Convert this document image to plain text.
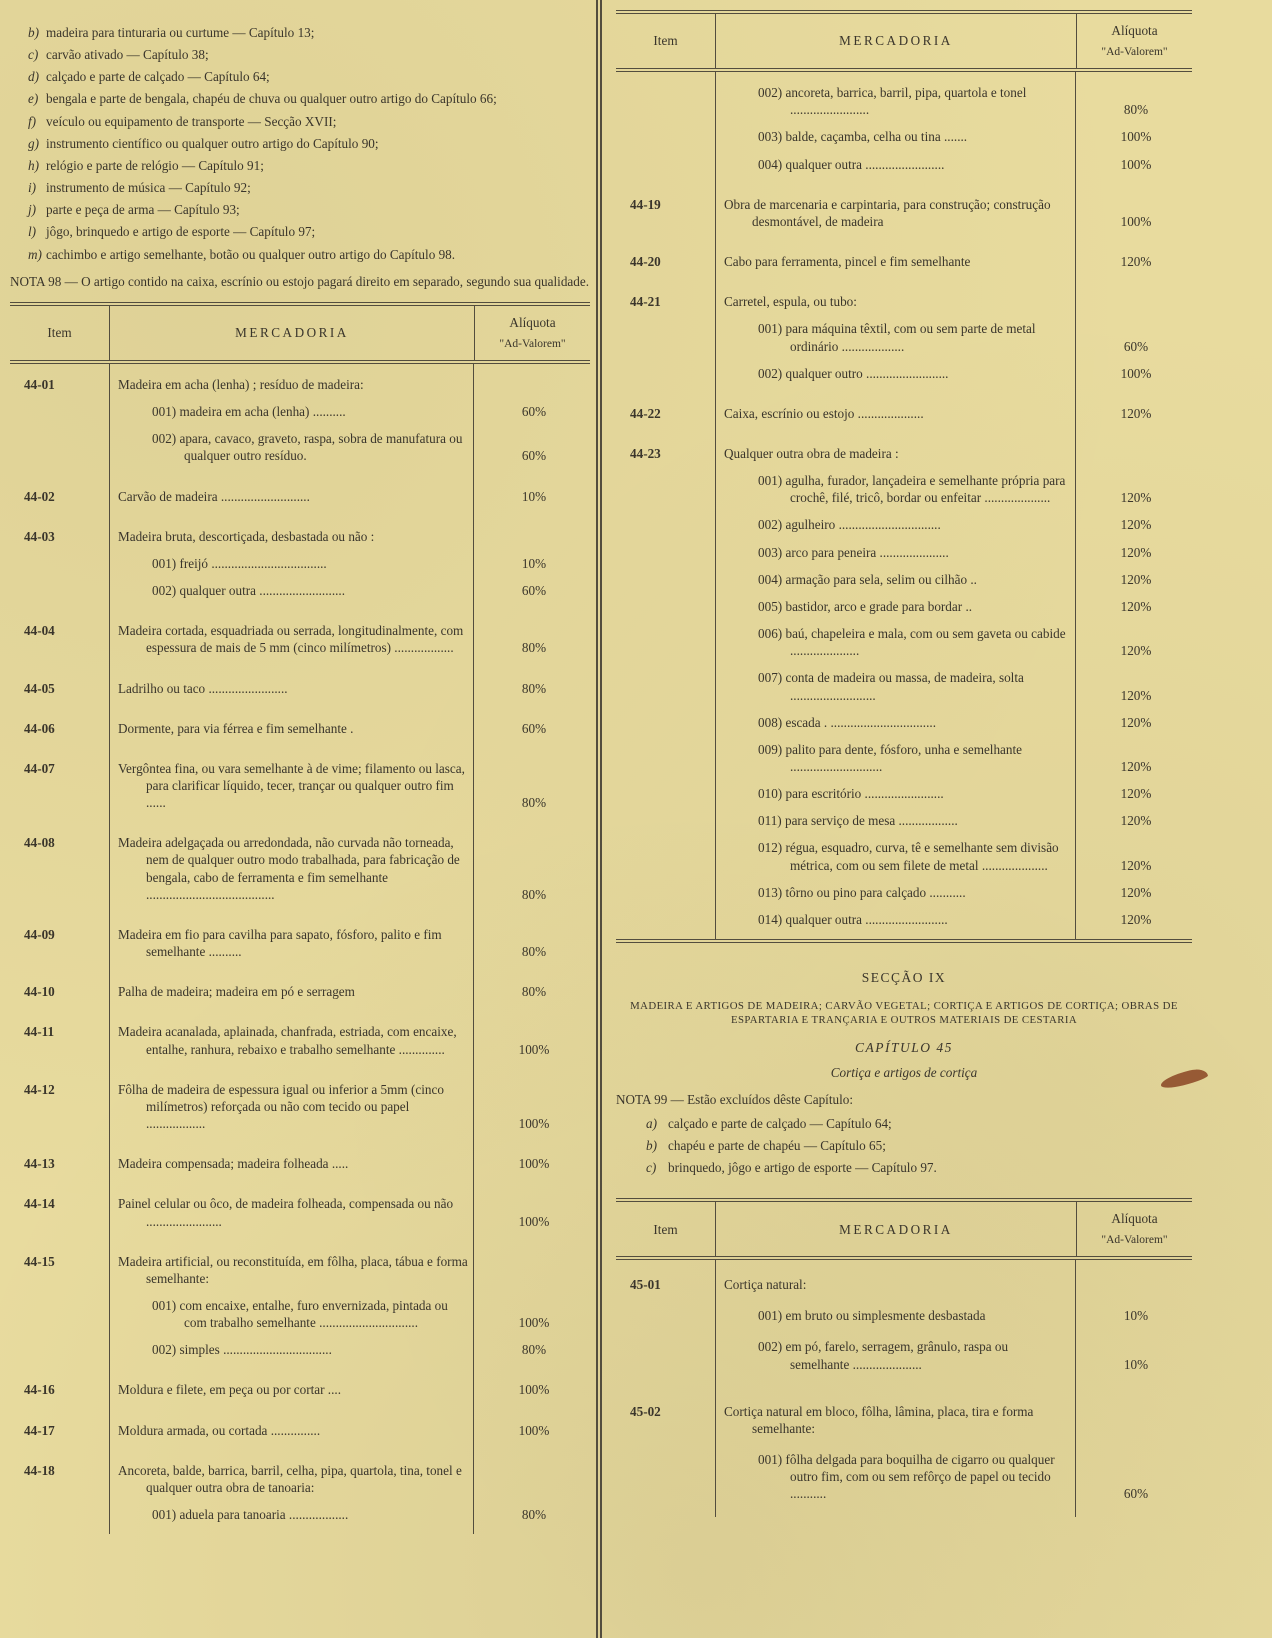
b) madeira para tinturaria ou curtume — Capítulo 13;
c) carvão ativado — Capítulo 38;
d) calçado e parte de calçado — Capítulo 64;
e) bengala e parte de bengala, chapéu de chuva ou qualquer outro artigo do Capítulo 66;
f) veículo ou equipamento de transporte — Secção XVII;
g) instrumento científico ou qualquer outro artigo do Capítulo 90;
h) relógio e parte de relógio — Capítulo 91;
i) instrumento de música — Capítulo 92;
j) parte e peça de arma — Capítulo 93;
l) jôgo, brinquedo e artigo de esporte — Capítulo 97;
m) cachimbo e artigo semelhante, botão ou qualquer outro artigo do Capítulo 98.

NOTA 98 — O artigo contido na caixa, escrínio ou estojo pagará direito em separado, segundo sua qualidade.

Item	MERCADORIA
Alíquota
"Ad-Valorem"
44-01	Madeira em acha (lenha) ; resíduo de madeira:
001) madeira em acha (lenha) ..........	60%
002) apara, cavaco, graveto, raspa, sobra de manufatura ou qualquer outro resíduo.	60%
44-02	Carvão de madeira ...........................	10%
44-03	Madeira bruta, descortiçada, desbastada ou não :
001) freijó ...................................	10%
002) qualquer outra ..........................	60%
44-04	Madeira cortada, esquadriada ou serrada, longitudinalmente, com espessura de mais de 5 mm (cinco milímetros) ..................	80%
44-05	Ladrilho ou taco ........................	80%
44-06	Dormente, para via férrea e fim semelhante .	60%
44-07	Vergôntea fina, ou vara semelhante à de vime; filamento ou lasca, para clarificar líquido, tecer, trançar ou qualquer outro fim ......	80%
44-08	Madeira adelgaçada ou arredondada, não curvada não torneada, nem de qualquer outro modo trabalhada, para fabricação de bengala, cabo de ferramenta e fim semelhante .......................................	80%
44-09	Madeira em fio para cavilha para sapato, fósforo, palito e fim semelhante ..........	80%
44-10	Palha de madeira; madeira em pó e serragem	80%
44-11	Madeira acanalada, aplainada, chanfrada, estriada, com encaixe, entalhe, ranhura, rebaixo e trabalho semelhante ..............	100%
44-12	Fôlha de madeira de espessura igual ou inferior a 5mm (cinco milímetros) reforçada ou não com tecido ou papel ..................	100%
44-13	Madeira compensada; madeira folheada .....	100%
44-14	Painel celular ou ôco, de madeira folheada, compensada ou não .......................	100%
44-15	Madeira artificial, ou reconstituída, em fôlha, placa, tábua e forma semelhante:
001) com encaixe, entalhe, furo envernizada, pintada ou com trabalho semelhante ..............................	100%
002) simples .................................	80%
44-16	Moldura e filete, em peça ou por cortar ....	100%
44-17	Moldura armada, ou cortada ...............	100%
44-18	Ancoreta, balde, barrica, barril, celha, pipa, quartola, tina, tonel e qualquer outra obra de tanoaria:
001) aduela para tanoaria ..................	80%
Item	MERCADORIA
Alíquota
"Ad-Valorem"
002) ancoreta, barrica, barril, pipa, quartola e tonel ........................	80%
003) balde, caçamba, celha ou tina .......	100%
004) qualquer outra ........................	100%
44-19	Obra de marcenaria e carpintaria, para construção; construção desmontável, de madeira	100%
44-20	Cabo para ferramenta, pincel e fim semelhante	120%
44-21	Carretel, espula, ou tubo:
001) para máquina têxtil, com ou sem parte de metal ordinário ...................	60%
002) qualquer outro .........................	100%
44-22	Caixa, escrínio ou estojo ....................	120%
44-23	Qualquer outra obra de madeira :
001) agulha, furador, lançadeira e semelhante própria para crochê, filé, tricô, bordar ou enfeitar ....................	120%
002) agulheiro ...............................	120%
003) arco para peneira .....................	120%
004) armação para sela, selim ou cilhão ..	120%
005) bastidor, arco e grade para bordar ..	120%
006) baú, chapeleira e mala, com ou sem gaveta ou cabide .....................	120%
007) conta de madeira ou massa, de madeira, solta ..........................	120%
008) escada . ................................	120%
009) palito para dente, fósforo, unha e semelhante ............................	120%
010) para escritório ........................	120%
011) para serviço de mesa ..................	120%
012) régua, esquadro, curva, tê e semelhante sem divisão métrica, com ou sem filete de metal ....................	120%
013) tôrno ou pino para calçado ...........	120%
014) qualquer outra .........................	120%
SECÇÃO IX
MADEIRA E ARTIGOS DE MADEIRA; CARVÃO VEGETAL; CORTIÇA E ARTIGOS DE CORTIÇA; OBRAS DE ESPARTARIA E TRANÇARIA E OUTROS MATERIAIS DE CESTARIA
CAPÍTULO 45
Cortiça e artigos de cortiça
NOTA 99 — Estão excluídos dêste Capítulo:
a) calçado e parte de calçado — Capítulo 64;
b) chapéu e parte de chapéu — Capítulo 65;
c) brinquedo, jôgo e artigo de esporte — Capítulo 97.
Item	MERCADORIA
Alíquota
"Ad-Valorem"
45-01	Cortiça natural:
001) em bruto ou simplesmente desbastada	10%
002) em pó, farelo, serragem, grânulo, raspa ou semelhante .....................	10%
45-02	Cortiça natural em bloco, fôlha, lâmina, placa, tira e forma semelhante:
001) fôlha delgada para boquilha de cigarro ou qualquer outro fim, com ou sem refôrço de papel ou tecido ...........	60%
